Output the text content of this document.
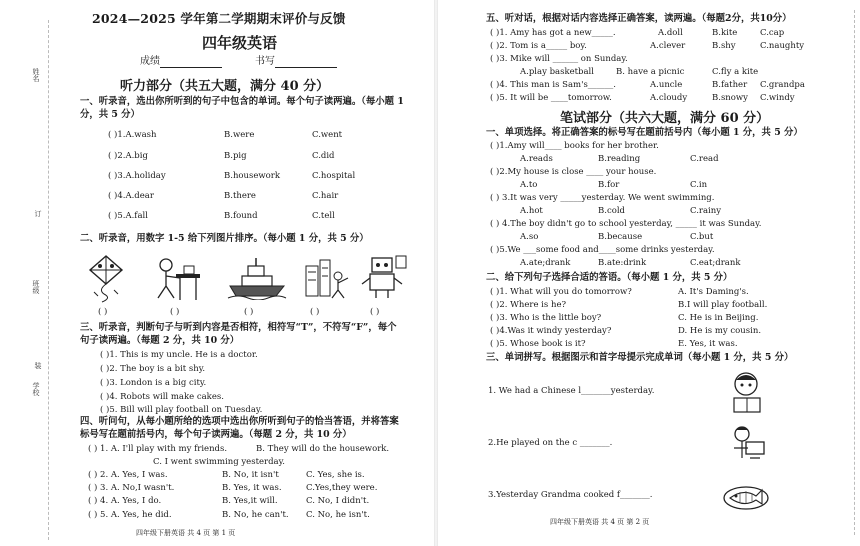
姓名
订
班级
装
学校
2024—2025 学年第二学期期末评价与反馈
四年级英语
成绩	书写
听力部分（共五大题，满分 40 分）
一、听录音，选出你所听到的句子中包含的单词。每个句子读两遍。（每小题 1
分，共 5 分）
( )1.A.wash	B.were	C.went
( )2.A.big	B.pig	C.did
( )3.A.holiday	B.housework	C.hospital
( )4.A.dear	B.there	C.hair
( )5.A.fall	B.found	C.tell
二、听录音，用数字 1-5 给下列图片排序。（每小题 1 分，共 5 分）
( )	( )	( )	( )	( )
三、听录音，判断句子与听到内容是否相符，相符写“T”，不符写“F”，每个
句子读两遍。（每题 2 分，共 10 分）
( )1. This is my uncle. He is a doctor.
( )2. The boy is a bit shy.
( )3. London is a big city.
( )4. Robots will make cakes.
( )5. Bill will play football on Tuesday.
四、听问句，从每小题所给的选项中选出你所听到句子的恰当答语，并将答案
标号写在题前括号内，每个句子读两遍。（每题 2 分，共 10 分）
( ) 1. A. I'll play with my friends.	B. They will do the housework.
C. I went swimming yesterday.
( ) 2. A. Yes, I was.	B. No, it isn't	C. Yes, she is.
( ) 3. A. No,I wasn't.	B. Yes, it was.	C.Yes,they were.
( ) 4. A. Yes, I do.	B. Yes,it will.	C. No, I didn't.
( ) 5. A. Yes, he did.	B. No, he can't. C. No, he isn't.
四年级下册英语 共 4 页 第 1 页
五、听对话，根据对话内容选择正确答案，读两遍。（每题2分，共10分）
( )1. Amy has got a new_____.	A.doll	B.kite	C.cap
( )2. Tom is a_____ boy.	A.clever	B.shy	C.naughty
( )3. Mike will ______ on Sunday.
A.play basketball	B. have a picnic	C.fly a kite
( )4. This man is Sam's______.	A.uncle	B.father C.grandpa
( )5. It will be ____tomorrow.	A.cloudy	B.snowy C.windy
笔试部分（共六大题，满分 60 分）
一、单项选择。将正确答案的标号写在题前括号内（每小题 1 分，共 5 分）
( )1.Amy will____ books for her brother.
A.reads	B.reading	C.read
( )2.My house is close ____ your house.
A.to	B.for	C.in
( ) 3.It was very _____yesterday. We went swimming.
A.hot	B.cold	C.rainy
( ) 4.The boy didn't go to school yesterday, _____ it was Sunday.
A.so	B.because	C.but
( )5.We ___some food and____some drinks yesterday.
A.ate;drank	B.ate:drink	C.eat;drank
二、给下列句子选择合适的答语。（每小题 1 分，共 5 分）
( )1. What will you do tomorrow?	A. It's Daming's.
( )2. Where is he?	B.I will play football.
( )3. Who is the little boy?	C. He is in Beijing.
( )4.Was it windy yesterday?	D. He is my cousin.
( )5. Whose book is it?	E. Yes, it was.
三、单词拼写。根据图示和首字母提示完成单词（每小题 1 分，共 5 分）
1. We had a Chinese l_______yesterday.
2.He played on the c _______.
3.Yesterday Grandma cooked f_______.
四年级下册英语 共 4 页 第 2 页
